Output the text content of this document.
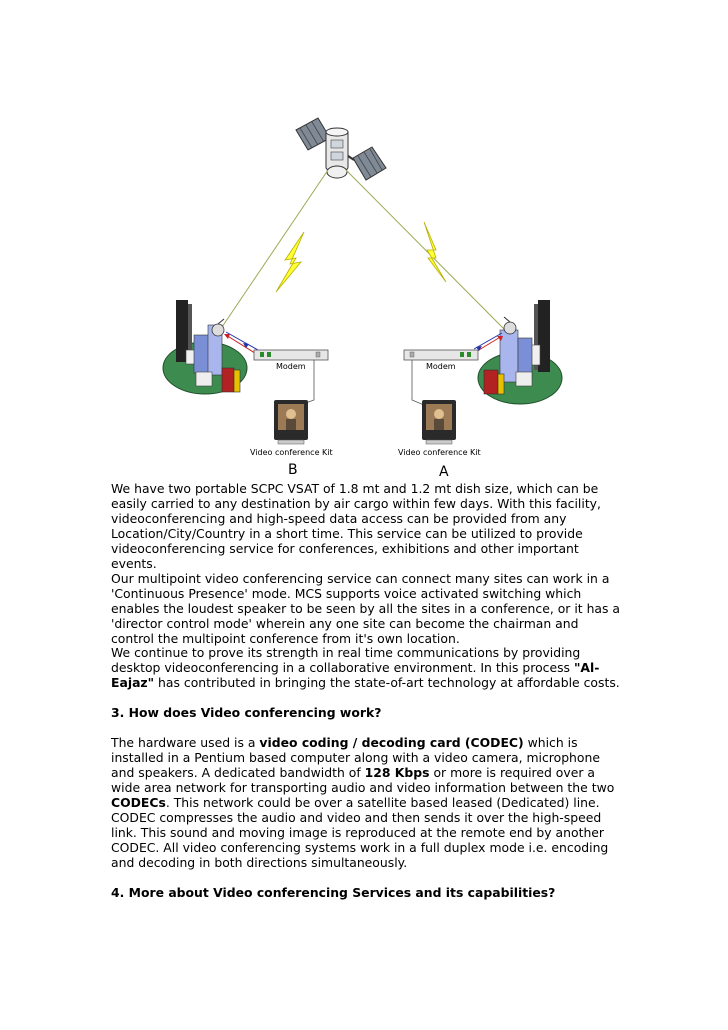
Modem
Video conference Kit
B
Modem
Video conference Kit
A

We have two portable SCPC VSAT of 1.8 mt and 1.2 mt dish size, which can be easily carried to any destination by air cargo within few days. With this facility, videoconferencing and high-speed data access can be provided from any Location/City/Country in a short time. This service can be utilized to provide videoconferencing service for conferences, exhibitions and other important events.

Our multipoint video conferencing service can connect many sites can work in a 'Continuous Presence' mode. MCS supports voice activated switching which enables the loudest speaker to be seen by all the sites in a conference, or it has a 'director control mode' wherein any one site can become the chairman and control the multipoint conference from it's own location.

We continue to prove its strength in real time communications by providing desktop videoconferencing in a collaborative environment. In this process "Al-Eajaz" has contributed in bringing the state-of-art technology at affordable costs.

3. How does Video conferencing work?

The hardware used is a video coding / decoding card (CODEC) which is installed in a Pentium based computer along with a video camera, microphone and speakers. A dedicated bandwidth of 128 Kbps or more is required over a wide area network for transporting audio and video information between the two CODECs. This network could be over a satellite based leased (Dedicated) line. CODEC compresses the audio and video and then sends it over the high-speed link. This sound and moving image is reproduced at the remote end by another CODEC. All video conferencing systems work in a full duplex mode i.e. encoding and decoding in both directions simultaneously.

4. More about Video conferencing Services and its capabilities?
